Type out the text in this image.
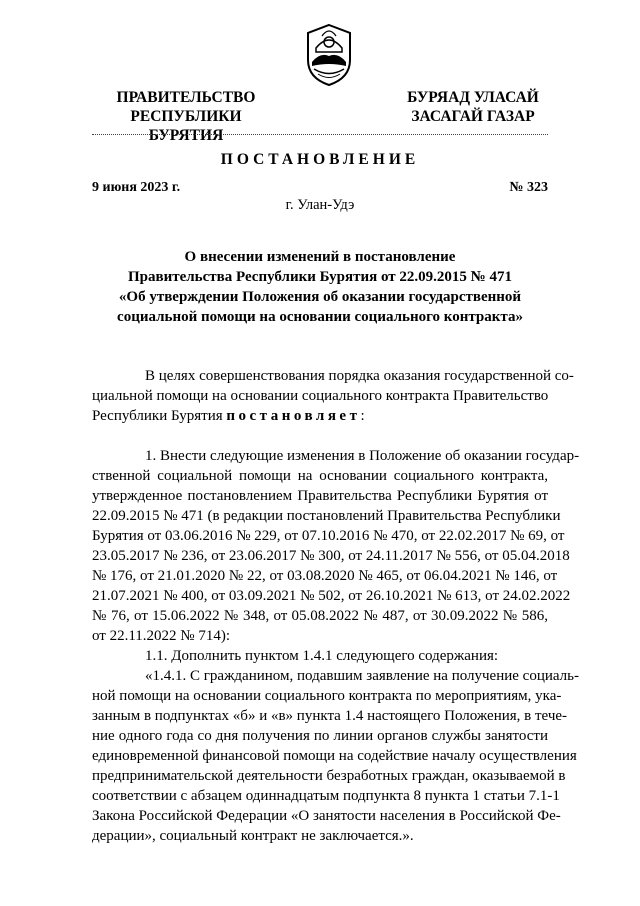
ПРАВИТЕЛЬСТВО
РЕСПУБЛИКИ БУРЯТИЯ
БУРЯАД УЛАСАЙ
ЗАСАГАЙ ГАЗАР
ПОСТАНОВЛЕНИЕ
9 июня 2023 г.	№ 323
г. Улан-Удэ
О внесении изменений в постановление
Правительства Республики Бурятия от 22.09.2015 № 471
«Об утверждении Положения об оказании государственной
социальной помощи на основании социального контракта»
В целях совершенствования порядка оказания государственной со-
циальной помощи на основании социального контракта Правительство
Республики Бурятия постановляет:
1. Внести следующие изменения в Положение об оказании государ-
ственной социальной помощи на основании социального контракта,
утвержденное постановлением Правительства Республики Бурятия от
22.09.2015 № 471 (в редакции постановлений Правительства Республики
Бурятия от 03.06.2016 № 229, от 07.10.2016 № 470, от 22.02.2017 № 69, от
23.05.2017 № 236, от 23.06.2017 № 300, от 24.11.2017 № 556, от 05.04.2018
№ 176, от 21.01.2020 № 22, от 03.08.2020 № 465, от 06.04.2021 № 146, от
21.07.2021 № 400, от 03.09.2021 № 502, от 26.10.2021 № 613, от 24.02.2022
№ 76, от 15.06.2022 № 348, от 05.08.2022 № 487, от 30.09.2022 № 586,
от 22.11.2022 № 714):
1.1. Дополнить пунктом 1.4.1 следующего содержания:
«1.4.1. С гражданином, подавшим заявление на получение социаль-
ной помощи на основании социального контракта по мероприятиям, ука-
занным в подпунктах «б» и «в» пункта 1.4 настоящего Положения, в тече-
ние одного года со дня получения по линии органов службы занятости
единовременной финансовой помощи на содействие началу осуществления
предпринимательской деятельности безработных граждан, оказываемой в
соответствии с абзацем одиннадцатым подпункта 8 пункта 1 статьи 7.1-1
Закона Российской Федерации «О занятости населения в Российской Фе-
дерации», социальный контракт не заключается.».
